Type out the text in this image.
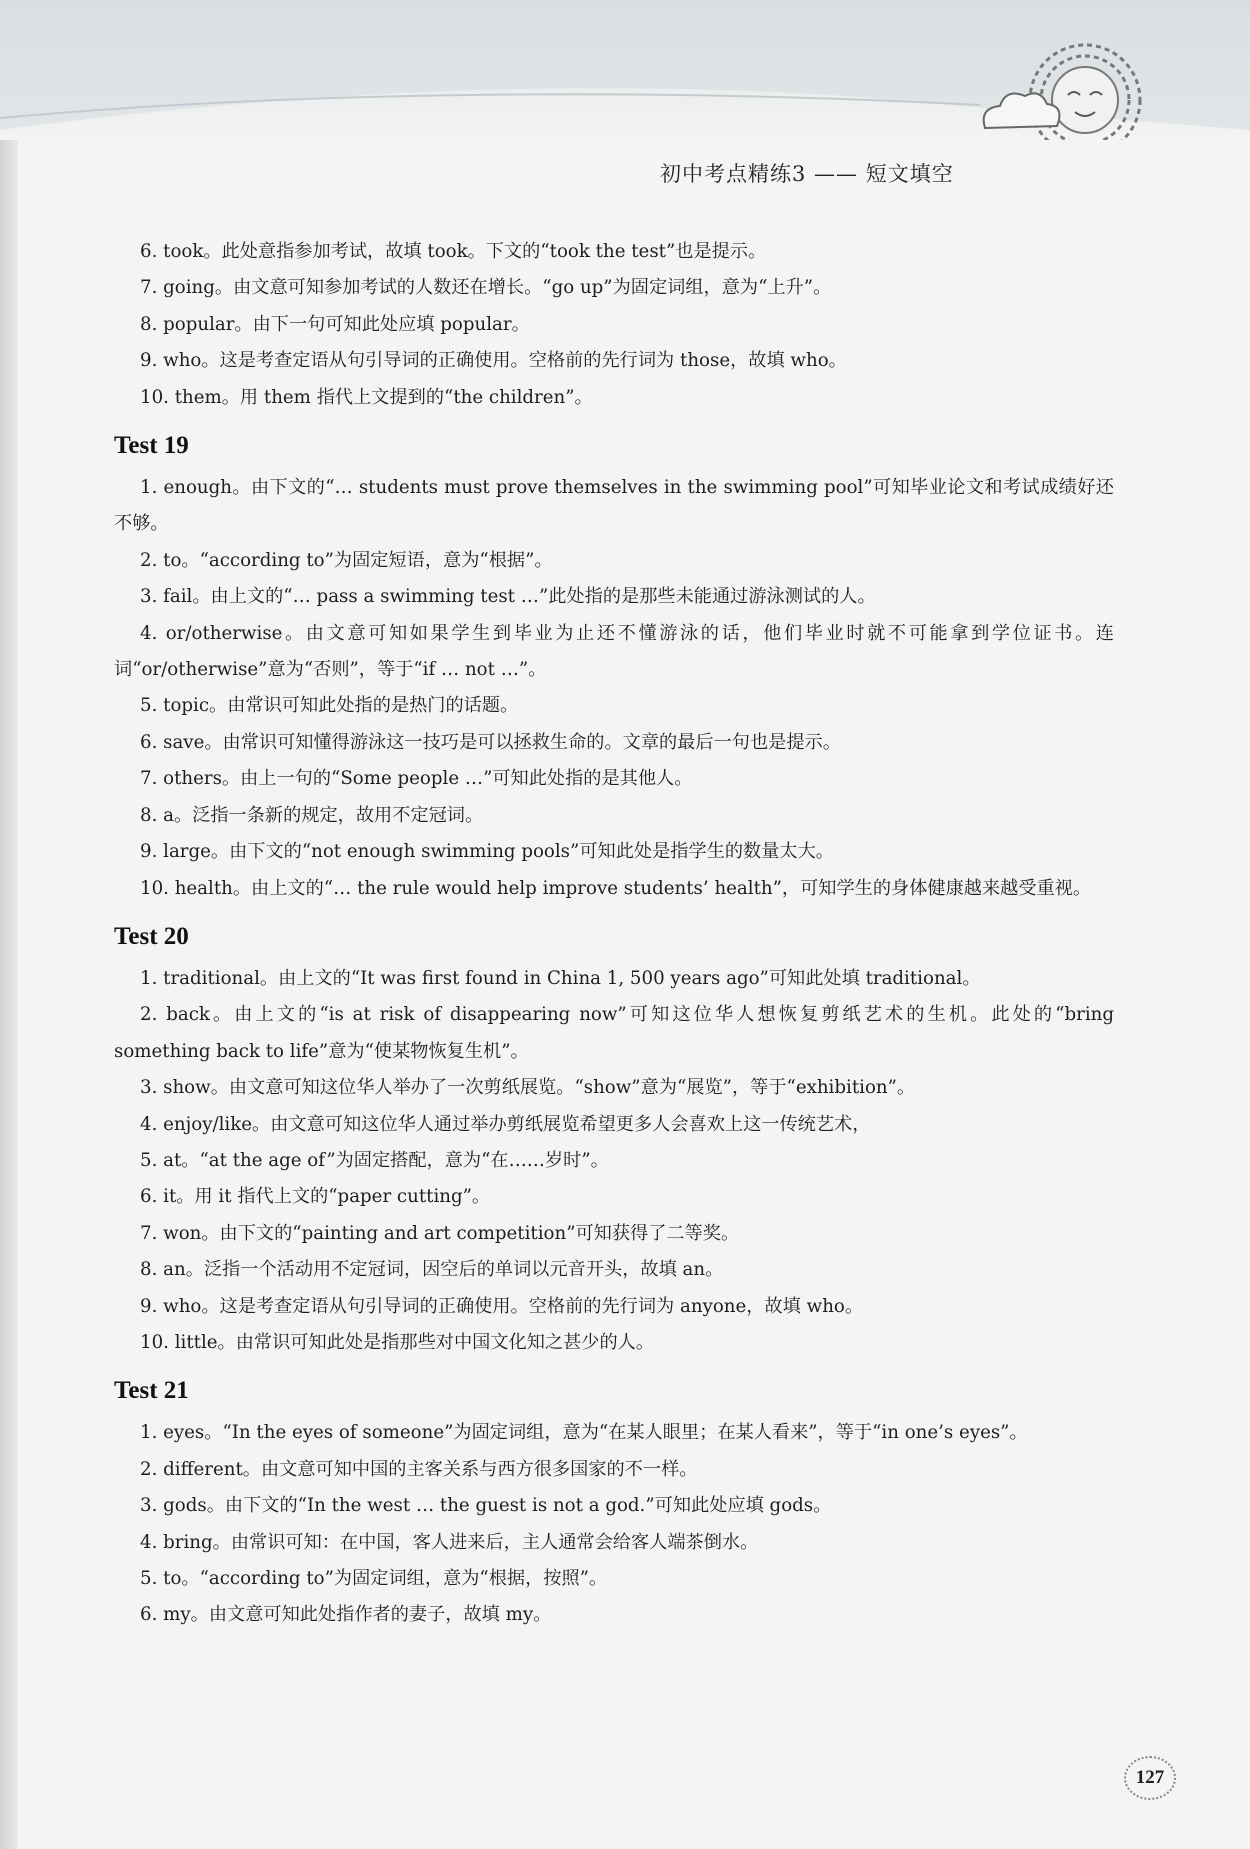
初中考点精练3 —— 短文填空
6. took。此处意指参加考试，故填 took。下文的“took the test”也是提示。
7. going。由文意可知参加考试的人数还在增长。“go up”为固定词组，意为“上升”。
8. popular。由下一句可知此处应填 popular。
9. who。这是考查定语从句引导词的正确使用。空格前的先行词为 those，故填 who。
10. them。用 them 指代上文提到的“the children”。
Test 19
1. enough。由下文的“… students must prove themselves in the swimming pool”可知毕业论文和考试成绩好还不够。
2. to。“according to”为固定短语，意为“根据”。
3. fail。由上文的“… pass a swimming test …”此处指的是那些未能通过游泳测试的人。
4. or/otherwise。由文意可知如果学生到毕业为止还不懂游泳的话，他们毕业时就不可能拿到学位证书。连词“or/otherwise”意为“否则”，等于“if … not …”。
5. topic。由常识可知此处指的是热门的话题。
6. save。由常识可知懂得游泳这一技巧是可以拯救生命的。文章的最后一句也是提示。
7. others。由上一句的“Some people …”可知此处指的是其他人。
8. a。泛指一条新的规定，故用不定冠词。
9. large。由下文的“not enough swimming pools”可知此处是指学生的数量太大。
10. health。由上文的“… the rule would help improve students’ health”，可知学生的身体健康越来越受重视。
Test 20
1. traditional。由上文的“It was first found in China 1, 500 years ago”可知此处填 traditional。
2. back。由上文的“is at risk of disappearing now”可知这位华人想恢复剪纸艺术的生机。此处的“bring something back to life”意为“使某物恢复生机”。
3. show。由文意可知这位华人举办了一次剪纸展览。“show”意为“展览”，等于“exhibition”。
4. enjoy/like。由文意可知这位华人通过举办剪纸展览希望更多人会喜欢上这一传统艺术，
5. at。“at the age of”为固定搭配，意为“在……岁时”。
6. it。用 it 指代上文的“paper cutting”。
7. won。由下文的“painting and art competition”可知获得了二等奖。
8. an。泛指一个活动用不定冠词，因空后的单词以元音开头，故填 an。
9. who。这是考查定语从句引导词的正确使用。空格前的先行词为 anyone，故填 who。
10. little。由常识可知此处是指那些对中国文化知之甚少的人。
Test 21
1. eyes。“In the eyes of someone”为固定词组，意为“在某人眼里；在某人看来”，等于“in one’s eyes”。
2. different。由文意可知中国的主客关系与西方很多国家的不一样。
3. gods。由下文的“In the west … the guest is not a god.”可知此处应填 gods。
4. bring。由常识可知：在中国，客人进来后，主人通常会给客人端茶倒水。
5. to。“according to”为固定词组，意为“根据，按照”。
6. my。由文意可知此处指作者的妻子，故填 my。
127
